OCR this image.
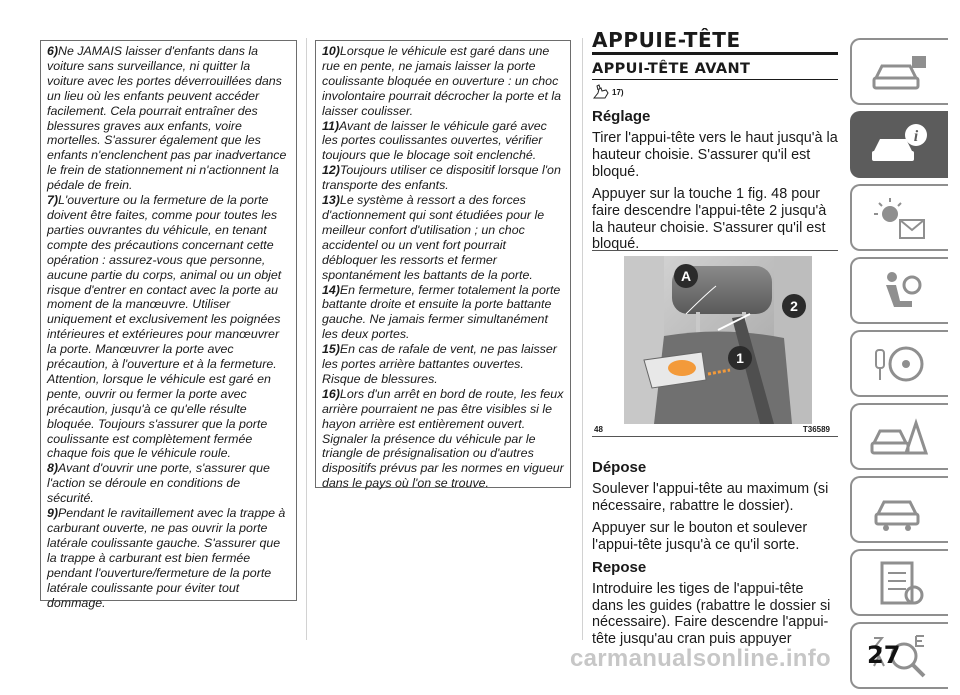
6)Ne JAMAIS laisser d'enfants dans la voiture sans surveillance, ni quitter la voiture avec les portes déverrouillées dans un lieu où les enfants peuvent accéder facilement. Cela pourrait entraîner des blessures graves aux enfants, voire mortelles. S'assurer également que les enfants n'enclenchent pas par inadvertance le frein de stationnement ni n'actionnent la pédale de frein.

7)L'ouverture ou la fermeture de la porte doivent être faites, comme pour toutes les parties ouvrantes du véhicule, en tenant compte des précautions concernant cette opération : assurez-vous que personne, aucune partie du corps, animal ou un objet risque d'entrer en contact avec la porte au moment de la manœuvre. Utiliser uniquement et exclusivement les poignées intérieures et extérieures pour manœuvrer la porte. Manœuvrer la porte avec précaution, à l'ouverture et à la fermeture. Attention, lorsque le véhicule est garé en pente, ouvrir ou fermer la porte avec précaution, jusqu'à ce qu'elle résulte bloquée. Toujours s'assurer que la porte coulissante est complètement fermée chaque fois que le véhicule roule.

8)Avant d'ouvrir une porte, s'assurer que l'action se déroule en conditions de sécurité.

9)Pendant le ravitaillement avec la trappe à carburant ouverte, ne pas ouvrir la porte latérale coulissante gauche. S'assurer que la trappe à carburant est bien fermée pendant l'ouverture/fermeture de la porte latérale coulissante pour éviter tout dommage.

10)Lorsque le véhicule est garé dans une rue en pente, ne jamais laisser la porte coulissante bloquée en ouverture : un choc involontaire pourrait décrocher la porte et la laisser coulisser.

11)Avant de laisser le véhicule garé avec les portes coulissantes ouvertes, vérifier toujours que le blocage soit enclenché.

12)Toujours utiliser ce dispositif lorsque l'on transporte des enfants.

13)Le système à ressort a des forces d'actionnement qui sont étudiées pour le meilleur confort d'utilisation ; un choc accidentel ou un vent fort pourrait débloquer les ressorts et fermer spontanément les battants de la porte.

14)En fermeture, fermer totalement la porte battante droite et ensuite la porte battante gauche. Ne jamais fermer simultanément les deux portes.

15)En cas de rafale de vent, ne pas laisser les portes arrière battantes ouvertes. Risque de blessures.

16)Lors d'un arrêt en bord de route, les feux arrière pourraient ne pas être visibles si le hayon arrière est entièrement ouvert. Signaler la présence du véhicule par le triangle de présignalisation ou d'autres dispositifs prévus par les normes en vigueur dans le pays où l'on se trouve.

APPUIE-TÊTE
APPUI-TÊTE AVANT
17)
Réglage

Tirer l'appui-tête vers le haut jusqu'à la hauteur choisie. S'assurer qu'il est bloqué.

Appuyer sur la touche 1 fig. 48 pour faire descendre l'appui-tête 2 jusqu'à la hauteur choisie. S'assurer qu'il est bloqué.

A
2
1
48	T36589
Dépose

Soulever l'appui-tête au maximum (si nécessaire, rabattre le dossier).

Appuyer sur le bouton et soulever l'appui-tête jusqu'à ce qu'il sorte.

Repose

Introduire les tiges de l'appui-tête dans les guides (rabattre le dossier si nécessaire). Faire descendre l'appui-tête jusqu'au cran puis appuyer

i
27
carmanualsonline.info
